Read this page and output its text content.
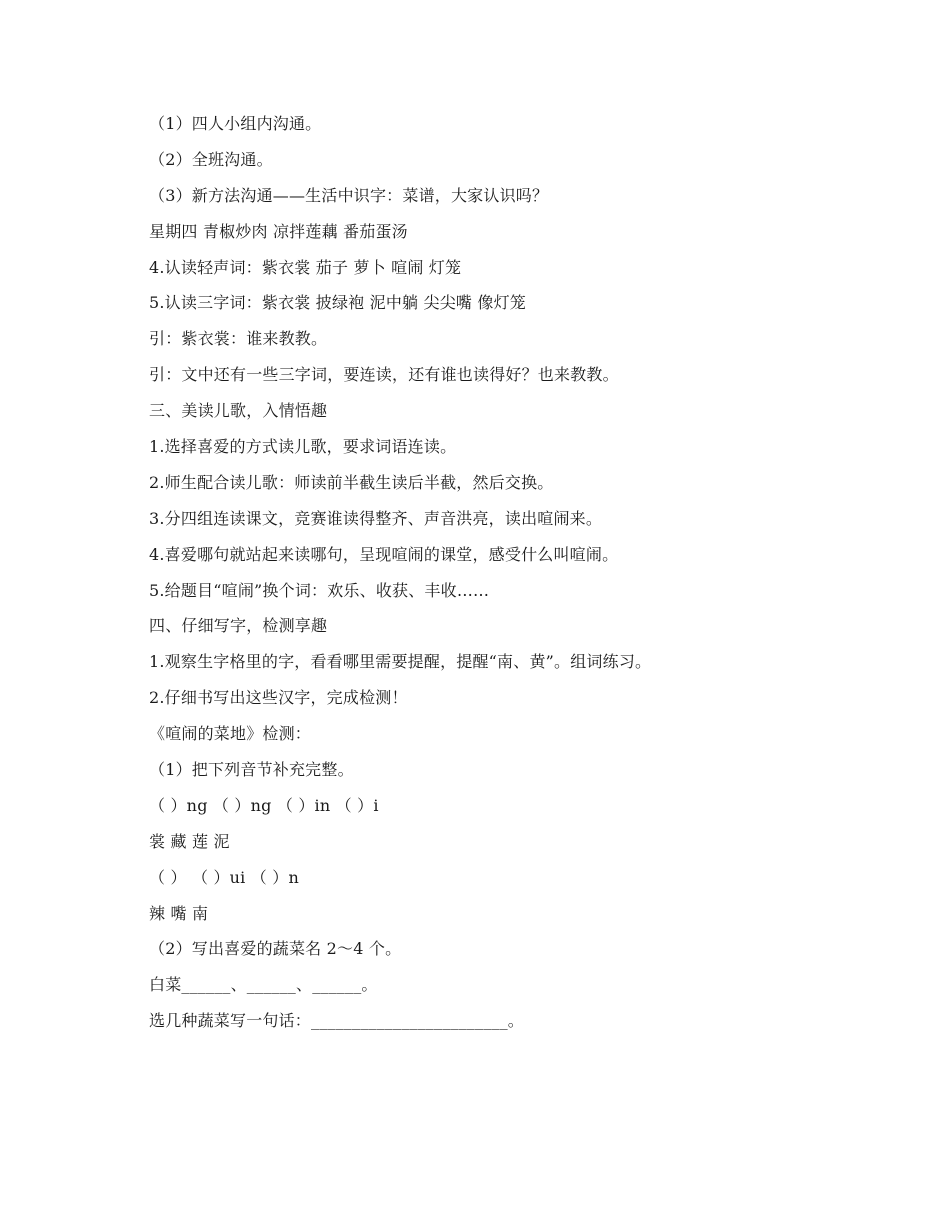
（1）四人小组内沟通。
（2）全班沟通。
（3）新方法沟通——生活中识字：菜谱，大家认识吗？
星期四 青椒炒肉 凉拌莲藕 番茄蛋汤
4.认读轻声词：紫衣裳 茄子 萝卜 喧闹 灯笼
5.认读三字词：紫衣裳 披绿袍 泥中躺 尖尖嘴 像灯笼
引：紫衣裳：谁来教教。
引：文中还有一些三字词，要连读，还有谁也读得好？也来教教。
三、美读儿歌，入情悟趣
1.选择喜爱的方式读儿歌，要求词语连读。
2.师生配合读儿歌：师读前半截生读后半截，然后交换。
3.分四组连读课文，竞赛谁读得整齐、声音洪亮，读出喧闹来。
4.喜爱哪句就站起来读哪句，呈现喧闹的课堂，感受什么叫喧闹。
5.给题目“喧闹”换个词：欢乐、收获、丰收……
四、仔细写字，检测享趣
1.观察生字格里的字，看看哪里需要提醒，提醒“南、黄”。组词练习。
2.仔细书写出这些汉字，完成检测！
《喧闹的菜地》检测：
（1）把下列音节补充完整。
（ ）ng （ ）ng （ ）in （ ）i
裳 藏 莲 泥
（ ） （ ）ui （ ）n
辣 嘴 南
（2）写出喜爱的蔬菜名 2～4 个。
白菜______、______、______。
选几种蔬菜写一句话：________________________。
